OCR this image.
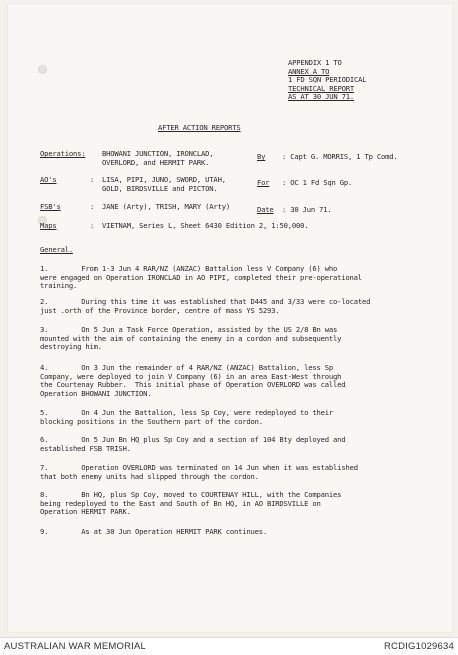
APPENDIX 1 TO
ANNEX A TO
1 FD SQN PERIODICAL
TECHNICAL REPORT
AS AT 30 JUN 71.
AFTER ACTION REPORTS
Operations: BHOWANI JUNCTION, IRONCLAD,
OVERLORD, and HERMIT PARK.
By : Capt G. MORRIS, 1 Tp Comd.
AO's	: LISA, PIPI, JUNO, SWORD, UTAH,
GOLD, BIRDSVILLE and PICTON.
For : OC 1 Fd Sqn Gp.
FSB's	: JANE (Arty), TRISH, MARY (Arty)	Date : 30 Jun 71.
Maps	: VIETNAM, Series L, Sheet 6430 Edition 2, 1:50,000.
General.
1.	From 1-3 Jun 4 RAR/NZ (ANZAC) Battalion less V Company (6) who
were engaged on Operation IRONCLAD in AO PIPI, completed their pre-operational
training.
2.	During this time it was established that D445 and 3/33 were co-located
just .orth of the Province border, centre of mass YS 5293.
3.	On 5 Jun a Task Force Operation, assisted by the US 2/8 Bn was
mounted with the aim of containing the enemy in a cordon and subsequently
destroying him.
4.	On 3 Jun the remainder of 4 RAR/NZ (ANZAC) Battalion, less Sp
Company, were deployed to join V Company (6) in an area East-West through
the Courtenay Rubber.  This initial phase of Operation OVERLORD was called
Operation BHOWANI JUNCTION.
5.	On 4 Jun the Battalion, less Sp Coy, were redeployed to their
blocking positions in the Southern part of the cordon.
6.	On 5 Jun Bn HQ plus Sp Coy and a section of 104 Bty deployed and
established FSB TRISH.
7.	Operation OVERLORD was terminated on 14 Jun when it was established
that both enemy units had slipped through the cordon.
8.	Bn HQ, plus Sp Coy, moved to COURTENAY HILL, with the Companies
being redeployed to the East and South of Bn HQ, in AO BIRDSVILLE on
Operation HERMIT PARK.
9.	As at 30 Jun Operation HERMIT PARK continues.
AUSTRALIAN WAR MEMORIAL	RCDIG1029634
